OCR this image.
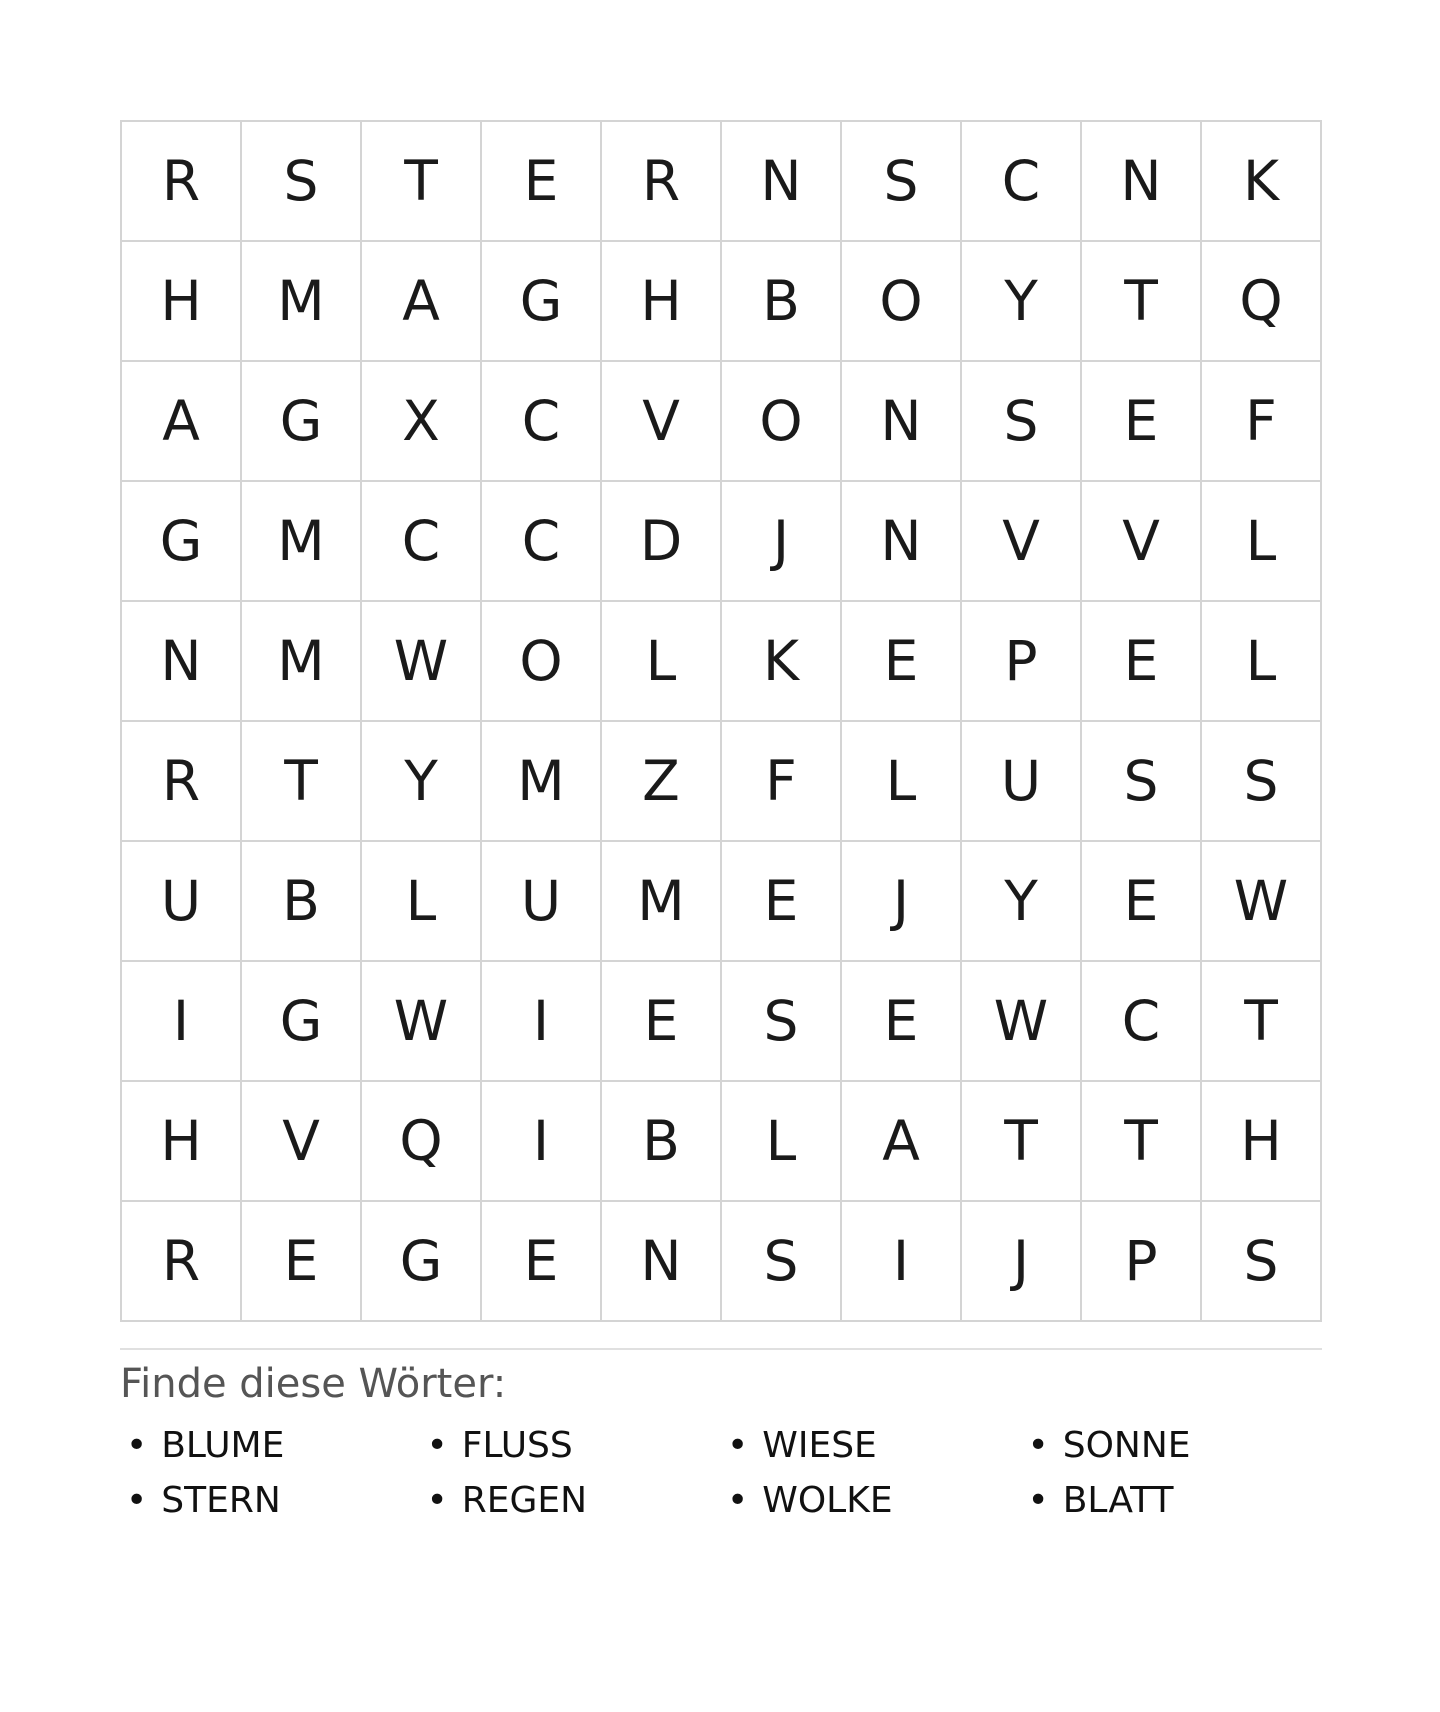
R	S	T	E	R	N	S	C	N	K
H	M	A	G	H	B	O	Y	T	Q
A	G	X	C	V	O	N	S	E	F
G	M	C	C	D	J	N	V	V	L
N	M	W	O	L	K	E	P	E	L
R	T	Y	M	Z	F	L	U	S	S
U	B	L	U	M	E	J	Y	E	W
I	G	W	I	E	S	E	W	C	T
H	V	Q	I	B	L	A	T	T	H
R	E	G	E	N	S	I	J	P	S
Finde diese Wörter:
• BLUME	• FLUSS	• WIESE	• SONNE
• STERN	• REGEN	• WOLKE	• BLATT
